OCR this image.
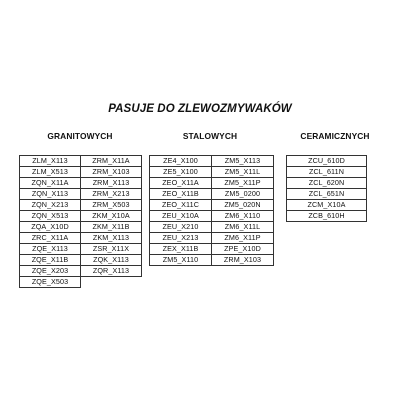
PASUJE DO ZLEWOZMYWAKÓW
GRANITOWYCH	STALOWYCH	CERAMICZNYCH
ZLM_X113	ZRM_X11A
ZLM_X513	ZRM_X103
ZQN_X11A	ZRM_X113
ZQN_X113	ZRM_X213
ZQN_X213	ZRM_X503
ZQN_X513	ZKM_X10A
ZQA_X10D	ZKM_X11B
ZRC_X11A	ZKM_X113
ZQE_X113	ZSR_X11X
ZQE_X11B	ZQK_X113
ZQE_X203	ZQR_X113
ZQE_X503	
ZE4_X100	ZM5_X113
ZE5_X100	ZM5_X11L
ZEO_X11A	ZM5_X11P
ZEO_X11B	ZM5_0200
ZEO_X11C	ZM5_020N
ZEU_X10A	ZM6_X110
ZEU_X210	ZM6_X11L
ZEU_X213	ZM6_X11P
ZEX_X11B	ZPE_X10D
ZM5_X110	ZRM_X103
ZCU_610D
ZCL_611N
ZCL_620N
ZCL_651N
ZCM_X10A
ZCB_610H
